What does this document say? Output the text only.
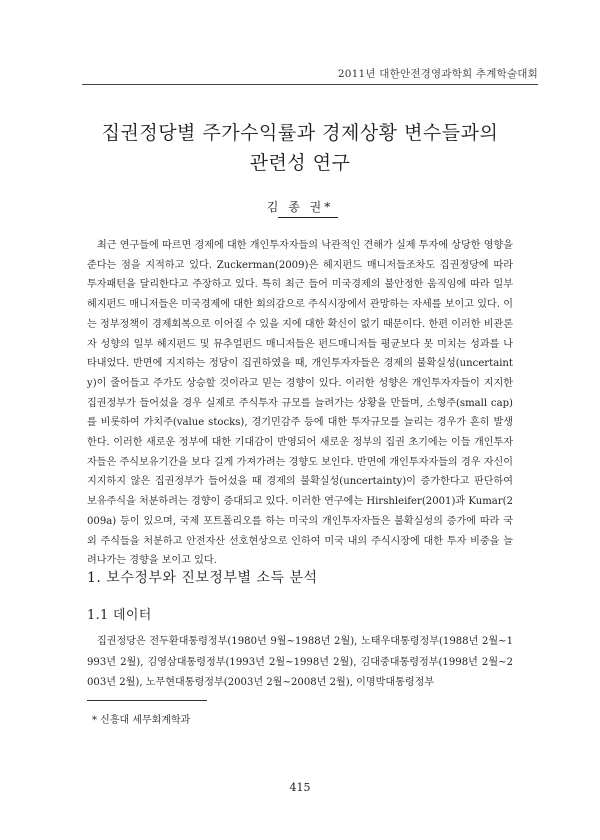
2011년 대한안전경영과학회 추계학술대회
집권정당별 주가수익률과 경제상황 변수들과의
관련성 연구
김 종 권*

최근 연구들에 따르면 경제에 대한 개인투자자들의 낙관적인 견해가 실제 투자에 상당한 영향을 준다는 점을 지적하고 있다. Zuckerman(2009)은 헤지펀드 매니저들조차도 집권정당에 따라 투자패턴을 달리한다고 주장하고 있다. 특히 최근 들어 미국경제의 불안정한 움직임에 따라 일부 헤지펀드 매니저들은 미국경제에 대한 회의감으로 주식시장에서 관망하는 자세를 보이고 있다. 이는 정부정책이 경제회복으로 이어질 수 있을 지에 대한 확신이 없기 때문이다. 한편 이러한 비관론자 성향의 일부 헤지펀드 및 뮤추얼펀드 매니저들은 펀드매니저들 평균보다 못 미치는 성과를 나타내었다. 반면에 지지하는 정당이 집권하였을 때, 개인투자자들은 경제의 불확실성(uncertainty)이 줄어들고 주가도 상승할 것이라고 믿는 경향이 있다. 이러한 성향은 개인투자자들이 지지한 집권정부가 들어섰을 경우 실제로 주식투자 규모를 늘려가는 상황을 만들며, 소형주(small cap)를 비롯하여 가치주(value stocks), 경기민감주 등에 대한 투자규모를 늘리는 경우가 흔히 발생한다. 이러한 새로운 정부에 대한 기대감이 반영되어 새로운 정부의 집권 초기에는 이들 개인투자자들은 주식보유기간을 보다 길게 가져가려는 경향도 보인다. 반면에 개인투자자들의 경우 자신이 지지하지 않은 집권정부가 들어섰을 때 경제의 불확실성(uncertainty)이 증가한다고 판단하여 보유주식을 처분하려는 경향이 증대되고 있다. 이러한 연구에는 Hirshleifer(2001)과 Kumar(2009a) 등이 있으며, 국제 포트폴리오를 하는 미국의 개인투자자들은 불확실성의 증가에 따라 국외 주식들을 처분하고 안전자산 선호현상으로 인하여 미국 내의 주식시장에 대한 투자 비중을 늘려나가는 경향을 보이고 있다.

1. 보수정부와 진보정부별 소득 분석
1.1 데이터

집권정당은 전두환대통령정부(1980년 9월~1988년 2월), 노태우대통령정부(1988년 2월~1993년 2월), 김영삼대통령정부(1993년 2월~1998년 2월), 김대중대통령정부(1998년 2월~2003년 2월), 노무현대통령정부(2003년 2월~2008년 2월), 이명박대통령정부

* 신흥대 세무회계학과
415
